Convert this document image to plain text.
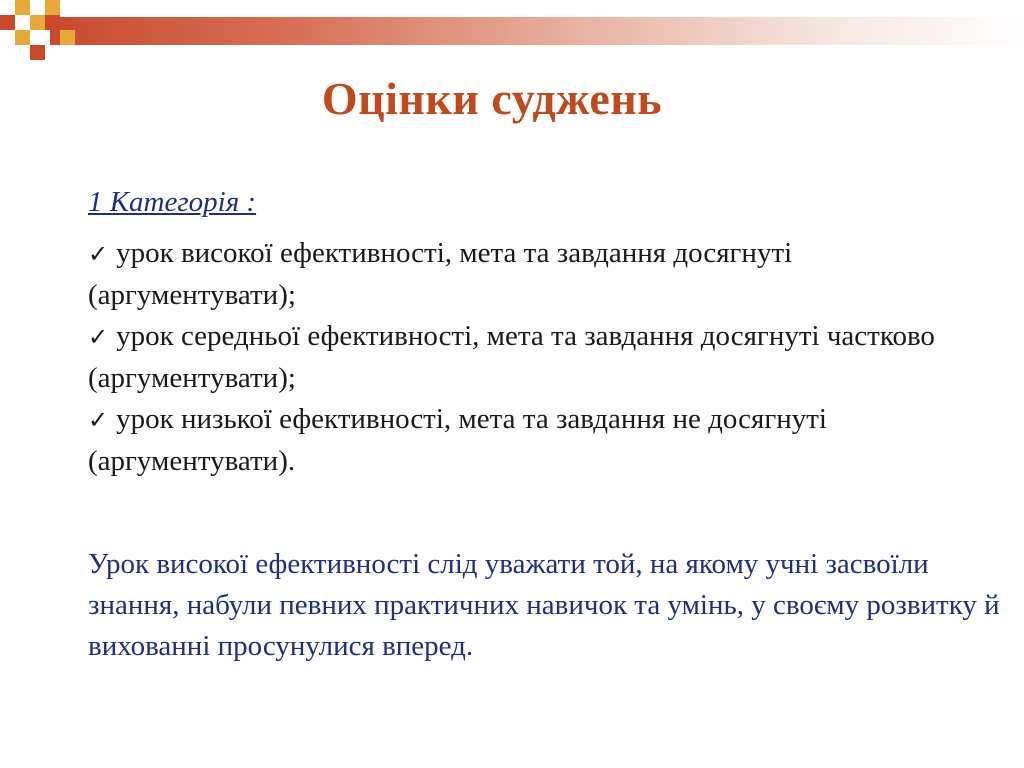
Оцінки суджень

1 Категорія :

✓ урок високої ефективності, мета та завдання досягнуті (аргументувати);
✓ урок середньої ефективності, мета та завдання досягнуті частково (аргументувати);
✓ урок низької ефективності, мета та завдання не досягнуті (аргументувати).

Урок високої ефективності слід уважати той, на якому учні засвоїли знання, набули певних практичних навичок та умінь, у своєму розвитку й вихованні просунулися вперед.
